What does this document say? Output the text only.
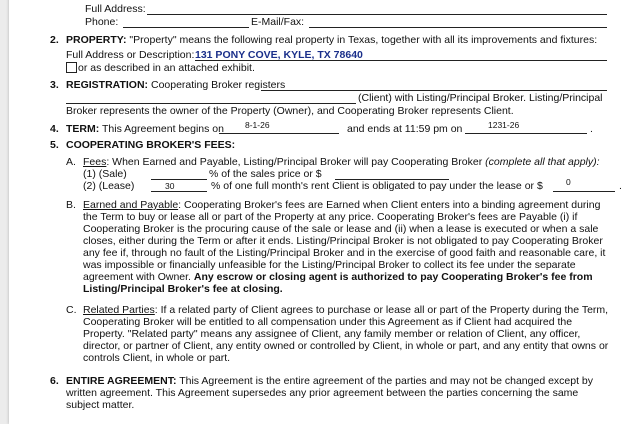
Full Address:
Phone:	E-Mail/Fax:
2. PROPERTY: "Property" means the following real property in Texas, together with all its improvements and fixtures:
Full Address or Description: 131 PONY COVE, KYLE, TX 78640
or as described in an attached exhibit.
3. REGISTRATION: Cooperating Broker registers
(Client) with Listing/Principal Broker. Listing/Principal
Broker represents the owner of the Property (Owner), and Cooperating Broker represents Client.
4. TERM: This Agreement begins on 8-1-26	and ends at 11:59 pm on	1231-26	.
5. COOPERATING BROKER'S FEES:
A. Fees: When Earned and Payable, Listing/Principal Broker will pay Cooperating Broker (complete all that apply):
(1) (Sale)	% of the sales price or $
(2) (Lease)	30	% of one full month's rent Client is obligated to pay under the lease or $	0	.
B. Earned and Payable: Cooperating Broker's fees are Earned when Client enters into a binding agreement during
the Term to buy or lease all or part of the Property at any price. Cooperating Broker's fees are Payable (i) if
Cooperating Broker is the procuring cause of the sale or lease and (ii) when a lease is executed or when a sale
closes, either during the Term or after it ends. Listing/Principal Broker is not obligated to pay Cooperating Broker
any fee if, through no fault of the Listing/Principal Broker and in the exercise of good faith and reasonable care, it
was impossible or financially unfeasible for the Listing/Principal Broker to collect its fee under the separate
agreement with Owner. Any escrow or closing agent is authorized to pay Cooperating Broker's fee from
Listing/Principal Broker's fee at closing.
C. Related Parties: If a related party of Client agrees to purchase or lease all or part of the Property during the Term,
Cooperating Broker will be entitled to all compensation under this Agreement as if Client had acquired the
Property. "Related party" means any assignee of Client, any family member or relation of Client, any officer,
director, or partner of Client, any entity owned or controlled by Client, in whole or part, and any entity that owns or
controls Client, in whole or part.
6. ENTIRE AGREEMENT: This Agreement is the entire agreement of the parties and may not be changed except by
written agreement. This Agreement supersedes any prior agreement between the parties concerning the same
subject matter.
